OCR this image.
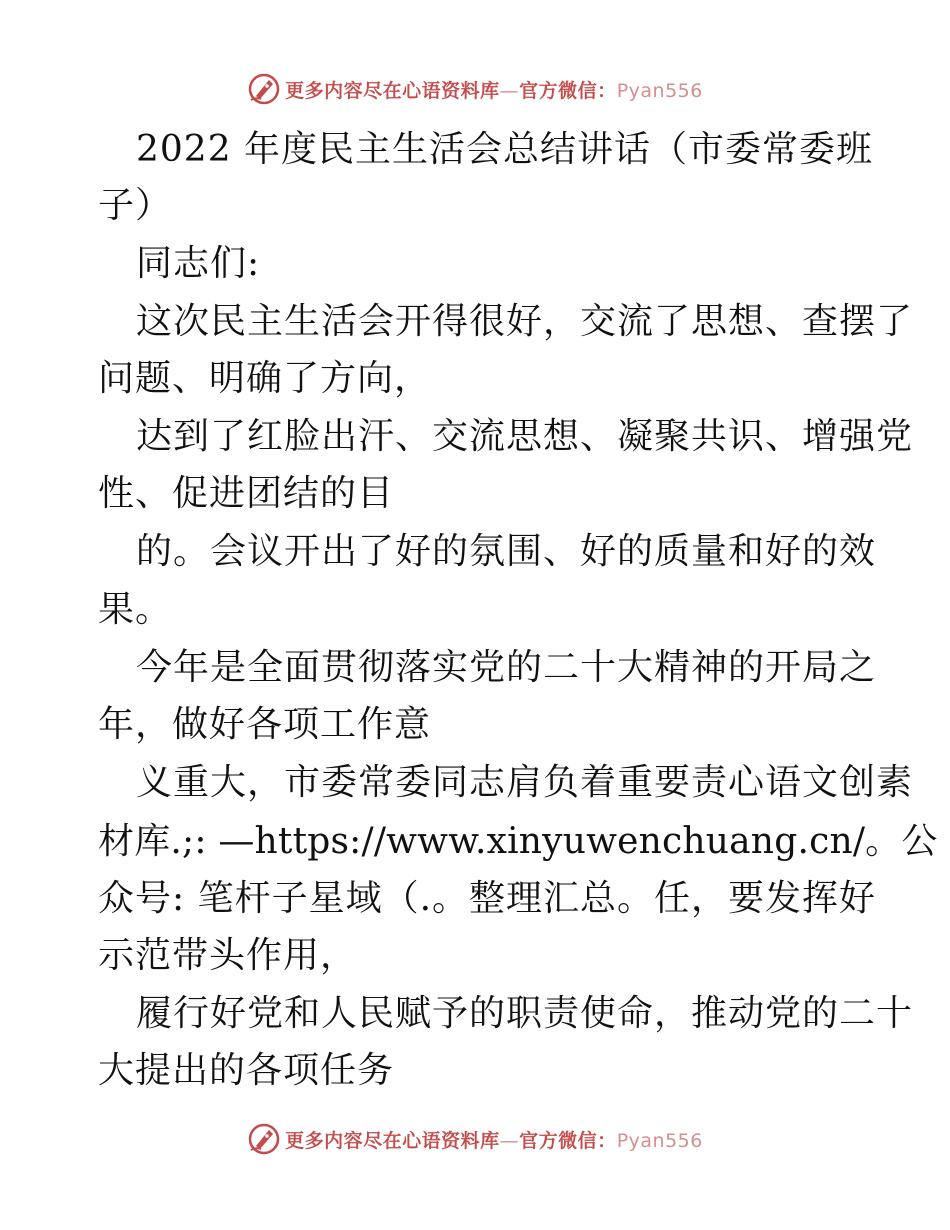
更多内容尽在心语资料库—官方微信：Pyan556
2022 年度民主生活会总结讲话（市委常委班
子）
同志们:
这次民主生活会开得很好，交流了思想、查摆了
问题、明确了方向，
达到了红脸出汗、交流思想、凝聚共识、增强党
性、促进团结的目
的。会议开出了好的氛围、好的质量和好的效
果。
今年是全面贯彻落实党的二十大精神的开局之
年，做好各项工作意
义重大，市委常委同志肩负着重要责心语文创素
材库.;: —https://www.xinyuwenchuang.cn/。公
众号: 笔杆子星域（.。整理汇总。任，要发挥好
示范带头作用，
履行好党和人民赋予的职责使命，推动党的二十
大提出的各项任务
更多内容尽在心语资料库—官方微信：Pyan556
